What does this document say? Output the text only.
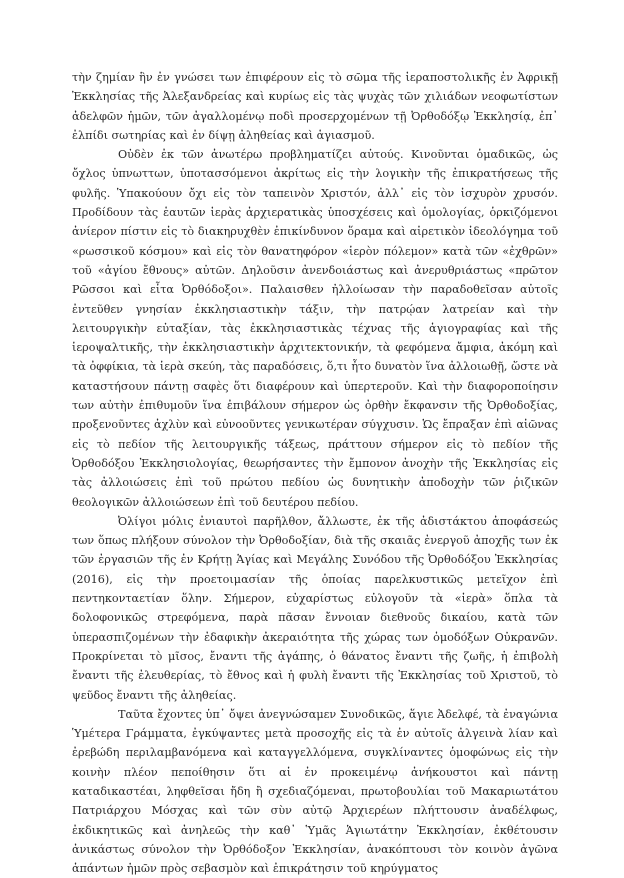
τὴν ζημίαν ἣν ἐν γνώσει των ἐπιφέρουν εἰς τὸ σῶμα τῆς ἱεραποστολικῆς ἐν Ἀφρικῇ Ἐκκλησίας τῆς Ἀλεξανδρείας καὶ κυρίως εἰς τὰς ψυχὰς τῶν χιλιάδων νεοφωτίστων ἀδελφῶν ἡμῶν, τῶν ἀγαλλομένῳ ποδὶ προσερχομένων τῇ Ὀρθοδόξῳ Ἐκκλησίᾳ, ἐπ᾽ ἐλπίδι σωτηρίας καὶ ἐν δίψῃ ἀληθείας καὶ ἁγιασμοῦ.

Οὐδὲν ἐκ τῶν ἀνωτέρω προβληματίζει αὐτούς. Κινοῦνται ὁμαδικῶς, ὡς ὄχλος ὑπνωττων, ὑποτασσόμενοι ἀκρίτως εἰς τὴν λογικὴν τῆς ἐπικρατήσεως τῆς φυλῆς. Ὑπακούουν ὄχι εἰς τὸν ταπεινὸν Χριστόν, ἀλλ᾽ εἰς τὸν ἰσχυρὸν χρυσόν. Προδίδουν τὰς ἑαυτῶν ἱερὰς ἀρχιερατικὰς ὑποσχέσεις καὶ ὁμολογίας, ὁρκιζόμενοι ἀνίερον πίστιν εἰς τὸ διακηρυχθὲν ἐπικίνδυνον ὅραμα καὶ αἱρετικὸν ἰδεολόγημα τοῦ «ρωσσικοῦ κόσμου» καὶ εἰς τὸν θανατηφόρον «ἱερὸν πόλεμον» κατὰ τῶν «ἐχθρῶν» τοῦ «ἁγίου ἔθνους» αὐτῶν. Δηλοῦσιν ἀνενδοιάστως καὶ ἀνερυθριάστως «πρῶτον Ρῶσσοι καὶ εἶτα Ὀρθόδοξοι». Παλαισθεν ἠλλοίωσαν τὴν παραδοθεῖσαν αὐτοῖς ἐντεῦθεν γνησίαν ἐκκλησιαστικὴν τάξιν, τὴν πατρῴαν λατρείαν καὶ τὴν λειτουργικὴν εὐταξίαν, τὰς ἐκκλησιαστικὰς τέχνας τῆς ἁγιογραφίας καὶ τῆς ἱεροψαλτικῆς, τὴν ἐκκλησιαστικὴν ἀρχιτεκτονικήν, τὰ φεφόμενα ἄμφια, ἀκόμη καὶ τὰ ὀφφίκια, τὰ ἱερὰ σκεύη, τὰς παραδόσεις, ὅ,τι ἦτο δυνατὸν ἵνα ἀλλοιωθῇ, ὥστε νὰ καταστήσουν πάντῃ σαφὲς ὅτι διαφέρουν καὶ ὑπερτεροῦν. Καὶ τὴν διαφοροποίησιν των αὐτὴν ἐπιθυμοῦν ἵνα ἐπιβάλουν σήμερον ὡς ὀρθὴν ἔκφανσιν τῆς Ὀρθοδοξίας, προξενοῦντες ἀχλὺν καὶ εὐνοοῦντες γενικωτέραν σύγχυσιν. Ὡς ἔπραξαν ἐπὶ αἰῶνας εἰς τὸ πεδίον τῆς λειτουργικῆς τάξεως, πράττουν σήμερον εἰς τὸ πεδίον τῆς Ὀρθοδόξου Ἐκκλησιολογίας, θεωρήσαντες τὴν ἔμπονον ἀνοχὴν τῆς Ἐκκλησίας εἰς τὰς ἀλλοιώσεις ἐπὶ τοῦ πρώτου πεδίου ὡς δυνητικὴν ἀποδοχὴν τῶν ῥιζικῶν θεολογικῶν ἀλλοιώσεων ἐπὶ τοῦ δευτέρου πεδίου.

Ὀλίγοι μόλις ἐνιαυτοὶ παρῆλθον, ἄλλωστε, ἐκ τῆς ἀδιστάκτου ἀποφάσεώς των ὅπως πλήξουν σύνολον τὴν Ὀρθοδοξίαν, διὰ τῆς σκαιᾶς ἐνεργοῦ ἀποχῆς των ἐκ τῶν ἐργασιῶν τῆς ἐν Κρήτῃ Ἁγίας καὶ Μεγάλης Συνόδου τῆς Ὀρθοδόξου Ἐκκλησίας (2016), εἰς τὴν προετοιμασίαν τῆς ὁποίας παρελκυστικῶς μετεῖχον ἐπὶ πεντηκονταετίαν ὅλην. Σήμερον, εὐχαρίστως εὐλογοῦν τὰ «ἱερὰ» ὅπλα τὰ δολοφονικῶς στρεφόμενα, παρὰ πᾶσαν ἔννοιαν διεθνοῦς δικαίου, κατὰ τῶν ὑπερασπιζομένων τὴν ἐδαφικὴν ἀκεραιότητα τῆς χώρας των ὁμοδόξων Οὐκρανῶν. Προκρίνεται τὸ μῖσος, ἔναντι τῆς ἀγάπης, ὁ θάνατος ἔναντι τῆς ζωῆς, ἡ ἐπιβολὴ ἔναντι τῆς ἐλευθερίας, τὸ ἔθνος καὶ ἡ φυλὴ ἔναντι τῆς Ἐκκλησίας τοῦ Χριστοῦ, τὸ ψεῦδος ἔναντι τῆς ἀληθείας.

Ταῦτα ἔχοντες ὑπ᾽ ὄψει ἀνεγνώσαμεν Συνοδικῶς, ἅγιε Ἀδελφέ, τὰ ἐναγώνια Ὑμέτερα Γράμματα, ἐγκύψαντες μετὰ προσοχῆς εἰς τὰ ἐν αὐτοῖς ἀλγεινὰ λίαν καὶ ἐρεβώδη περιλαμβανόμενα καὶ καταγγελλόμενα, συγκλίναντες ὁμοφώνως εἰς τὴν κοινὴν πλέον πεποίθησιν ὅτι αἱ ἐν προκειμένῳ ἀνήκουστοι καὶ πάντῃ καταδικαστέαι, ληφθεῖσαι ἤδη ἢ σχεδιαζόμεναι, πρωτοβουλίαι τοῦ Μακαριωτάτου Πατριάρχου Μόσχας καὶ τῶν σὺν αὐτῷ Ἀρχιερέων πλήττουσιν ἀναδέλφως, ἐκδικητικῶς καὶ ἀνηλεῶς τὴν καθ᾽ Ὑμᾶς Ἁγιωτάτην Ἐκκλησίαν, ἐκθέτουσιν ἀνικάστως σύνολον τὴν Ὀρθόδοξον Ἐκκλησίαν, ἀνακόπτουσι τὸν κοινὸν ἀγῶνα ἁπάντων ἡμῶν πρὸς σεβασμὸν καὶ ἐπικράτησιν τοῦ κηρύγματος
